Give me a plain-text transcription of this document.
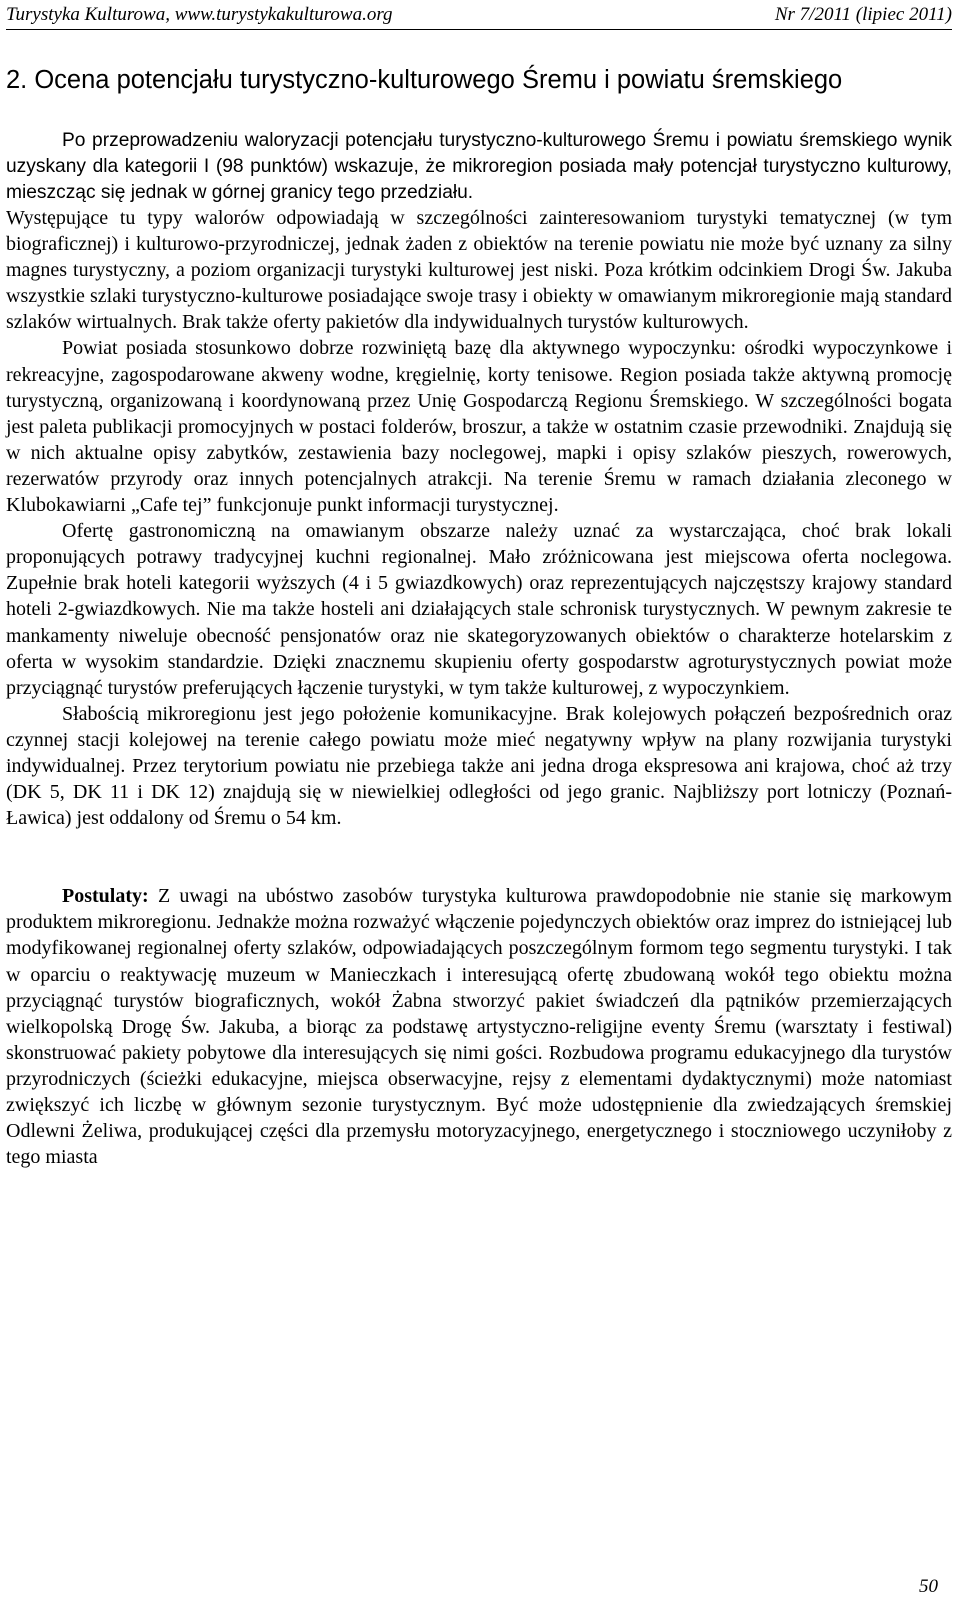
Turystyka Kulturowa, www.turystykakulturowa.org	Nr 7/2011 (lipiec 2011)
2. Ocena potencjału turystyczno-kulturowego Śremu i powiatu śremskiego

Po przeprowadzeniu waloryzacji potencjału turystyczno-kulturowego Śremu i powiatu śremskiego wynik uzyskany dla kategorii I (98 punktów) wskazuje, że mikroregion posiada mały potencjał turystyczno kulturowy, mieszcząc się jednak w górnej granicy tego przedziału.

Występujące tu typy walorów odpowiadają w szczególności zainteresowaniom turystyki tematycznej (w tym biograficznej) i kulturowo-przyrodniczej, jednak żaden z obiektów na terenie powiatu nie może być uznany za silny magnes turystyczny, a poziom organizacji turystyki kulturowej jest niski. Poza krótkim odcinkiem Drogi Św. Jakuba wszystkie szlaki turystyczno-kulturowe posiadające swoje trasy i obiekty w omawianym mikroregionie mają standard szlaków wirtualnych. Brak także oferty pakietów dla indywidualnych turystów kulturowych.

Powiat posiada stosunkowo dobrze rozwiniętą bazę dla aktywnego wypoczynku: ośrodki wypoczynkowe i rekreacyjne, zagospodarowane akweny wodne, kręgielnię, korty tenisowe. Region posiada także aktywną promocję turystyczną, organizowaną i koordynowaną przez Unię Gospodarczą Regionu Śremskiego. W szczególności bogata jest paleta publikacji promocyjnych w postaci folderów, broszur, a także w ostatnim czasie przewodniki. Znajdują się w nich aktualne opisy zabytków, zestawienia bazy noclegowej, mapki i opisy szlaków pieszych, rowerowych, rezerwatów przyrody oraz innych potencjalnych atrakcji. Na terenie Śremu w ramach działania zleconego w Klubokawiarni „Cafe tej” funkcjonuje punkt informacji turystycznej.

Ofertę gastronomiczną na omawianym obszarze należy uznać za wystarczająca, choć brak lokali proponujących potrawy tradycyjnej kuchni regionalnej. Mało zróżnicowana jest miejscowa oferta noclegowa. Zupełnie brak hoteli kategorii wyższych (4 i 5 gwiazdkowych) oraz reprezentujących najczęstszy krajowy standard hoteli 2-gwiazdkowych. Nie ma także hosteli ani działających stale schronisk turystycznych. W pewnym zakresie te mankamenty niweluje obecność pensjonatów oraz nie skategoryzowanych obiektów o charakterze hotelarskim z oferta w wysokim standardzie. Dzięki znacznemu skupieniu oferty gospodarstw agroturystycznych powiat może przyciągnąć turystów preferujących łączenie turystyki, w tym także kulturowej, z wypoczynkiem.

Słabością mikroregionu jest jego położenie komunikacyjne. Brak kolejowych połączeń bezpośrednich oraz czynnej stacji kolejowej na terenie całego powiatu może mieć negatywny wpływ na plany rozwijania turystyki indywidualnej. Przez terytorium powiatu nie przebiega także ani jedna droga ekspresowa ani krajowa, choć aż trzy (DK 5, DK 11 i DK 12) znajdują się w niewielkiej odległości od jego granic. Najbliższy port lotniczy (Poznań-Ławica) jest oddalony od Śremu o 54 km.

Postulaty: Z uwagi na ubóstwo zasobów turystyka kulturowa prawdopodobnie nie stanie się markowym produktem mikroregionu. Jednakże można rozważyć włączenie pojedynczych obiektów oraz imprez do istniejącej lub modyfikowanej regionalnej oferty szlaków, odpowiadających poszczególnym formom tego segmentu turystyki. I tak w oparciu o reaktywację muzeum w Manieczkach i interesującą ofertę zbudowaną wokół tego obiektu można przyciągnąć turystów biograficznych, wokół Żabna stworzyć pakiet świadczeń dla pątników przemierzających wielkopolską Drogę Św. Jakuba, a biorąc za podstawę artystyczno-religijne eventy Śremu (warsztaty i festiwal) skonstruować pakiety pobytowe dla interesujących się nimi gości. Rozbudowa programu edukacyjnego dla turystów przyrodniczych (ścieżki edukacyjne, miejsca obserwacyjne, rejsy z elementami dydaktycznymi) może natomiast zwiększyć ich liczbę w głównym sezonie turystycznym. Być może udostępnienie dla zwiedzających śremskiej Odlewni Żeliwa, produkującej części dla przemysłu motoryzacyjnego, energetycznego i stoczniowego uczyniłoby z tego miasta

50
